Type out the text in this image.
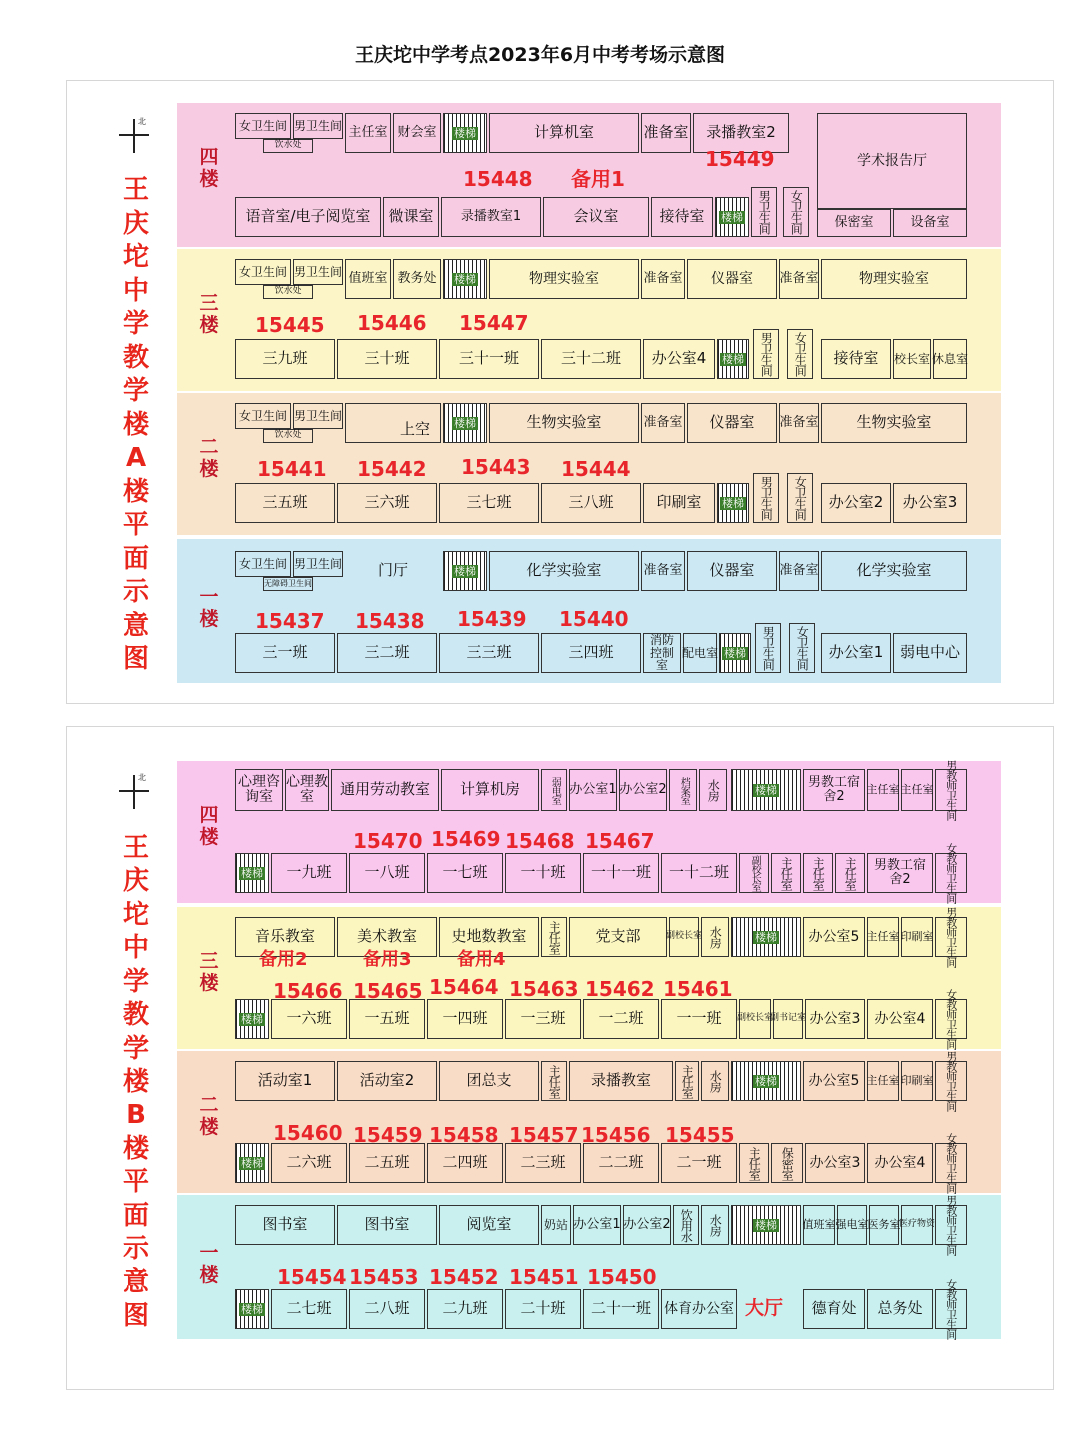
王庆坨中学考点2023年6月中考考场示意图
北
王
庆
坨
中
学
教
学
楼
A
楼
平
面
示
意
图
四
楼
女卫生间
饮水处
男卫生间 主任室 财会室 楼梯	计算机室	准备室 录播教室2
学术报告厅
15448 备用1
15449
语音室/电子阅览室 微课室 录播教室1	会议室	接待室 楼梯 男卫生间 女卫生间 保密室	设备室
三
楼
女卫生间
饮水处
男卫生间 值班室 教务处 楼梯	物理实验室	准备室 仪器室 准备室	物理实验室
15445 15446 15447
三九班	三十班	三十一班	三十二班 办公室4 楼梯 男卫生间 女卫生间 接待室 校长室 休息室
二
楼
女卫生间
饮水处
男卫生间
上空 楼梯	生物实验室	准备室 仪器室 准备室	生物实验室
15441 15442 15443 15444
三五班	三六班	三七班	三八班	印刷室 楼梯 男卫生间 女卫生间 办公室2 办公室3
一
楼
女卫生间
无障碍卫生间
男卫生间 门厅	楼梯	化学实验室	准备室 仪器室 准备室	化学实验室
15437 15438 15439 15440
三一班	三二班	三三班	三四班
消防控制室
配电室 楼梯 男卫生间 女卫生间 办公室1 弱电中心
北
王
庆
坨
中
学
教
学
楼
B
楼
平
面
示
意
图
四
楼
心理咨询室
心理教室	通用劳动教室 计算机房	弱电室 办公室1 办公室2 档案室 水房	楼梯	男教工宿舍2	主任室 主任室 男教师卫生间
15470 15469 15468 15467
楼梯 一九班 一八班 一七班 一十班 一十一班 一十二班 副校长室 主任室 主任室 主任室	男教工宿舍2	女教师卫生间
三
楼
音乐教室	美术教室 史地数教室 主任室 党支部	副校长室 水房	楼梯 办公室5 主任室 印刷室 男教师卫生间
备用2	备用3	备用4
15466 15465 15464 15463 15462 15461
楼梯 一六班 一五班 一四班 一三班 一二班 一一班 副校长室
副书记室 办公室3 办公室4 女教师卫生间
二
楼
活动室1	活动室2	团总支	主任室 录播教室 主任室 水房	楼梯 办公室5 主任室 印刷室 男教师卫生间
15460 15459 15458 15457 15456 15455
楼梯 二六班 二五班 二四班 二三班 二二班 二一班 主任室 保密室 办公室3 办公室4 女教师卫生间
一
楼
图书室	图书室	阅览室	奶站 办公室1 办公室2 饮用水 水房	楼梯 值班室 强电室 医务室
医疗物资 男教师卫生间
15454 15453 15452 15451 15450
楼梯 二七班 二八班 二九班 二十班 二十一班 体育办公室 大厅 德育处 总务处 女教师卫生间
